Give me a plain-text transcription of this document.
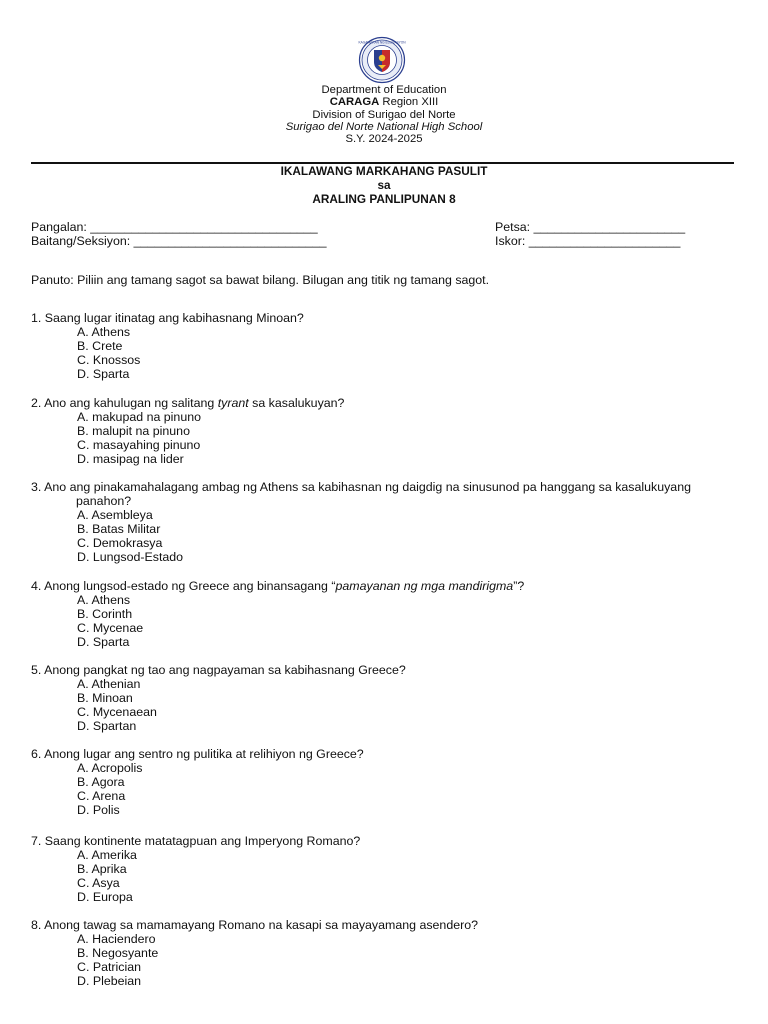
KAGAWARAN NG EDUKASYON
Department of Education
CARAGA Region XIII
Division of Surigao del Norte
Surigao del Norte National High School
S.Y. 2024-2025
IKALAWANG MARKAHANG PASULIT
sa
ARALING PANLIPUNAN 8
Pangalan: _________________________________
Baitang/Seksiyon: ____________________________
Petsa: ______________________
Iskor: ______________________
Panuto: Piliin ang tamang sagot sa bawat bilang. Bilugan ang titik ng tamang sagot.
1. Saang lugar itinatag ang kabihasnang Minoan?
A. Athens
B. Crete
C. Knossos
D. Sparta
2. Ano ang kahulugan ng salitang tyrant sa kasalukuyan?
A. makupad na pinuno
B. malupit na pinuno
C. masayahing pinuno
D. masipag na lider
3. Ano ang pinakamahalagang ambag ng Athens sa kabihasnan ng daigdig na sinusunod pa hanggang sa kasalukuyang
panahon?
A. Asembleya
B. Batas Militar
C. Demokrasya
D. Lungsod-Estado
4. Anong lungsod-estado ng Greece ang binansagang “pamayanan ng mga mandirigma”?
A. Athens
B. Corinth
C. Mycenae
D. Sparta
5. Anong pangkat ng tao ang nagpayaman sa kabihasnang Greece?
A. Athenian
B. Minoan
C. Mycenaean
D. Spartan
6. Anong lugar ang sentro ng pulitika at relihiyon ng Greece?
A. Acropolis
B. Agora
C. Arena
D. Polis
7. Saang kontinente matatagpuan ang Imperyong Romano?
A. Amerika
B. Aprika
C. Asya
D. Europa
8. Anong tawag sa mamamayang Romano na kasapi sa mayayamang asendero?
A. Haciendero
B. Negosyante
C. Patrician
D. Plebeian
